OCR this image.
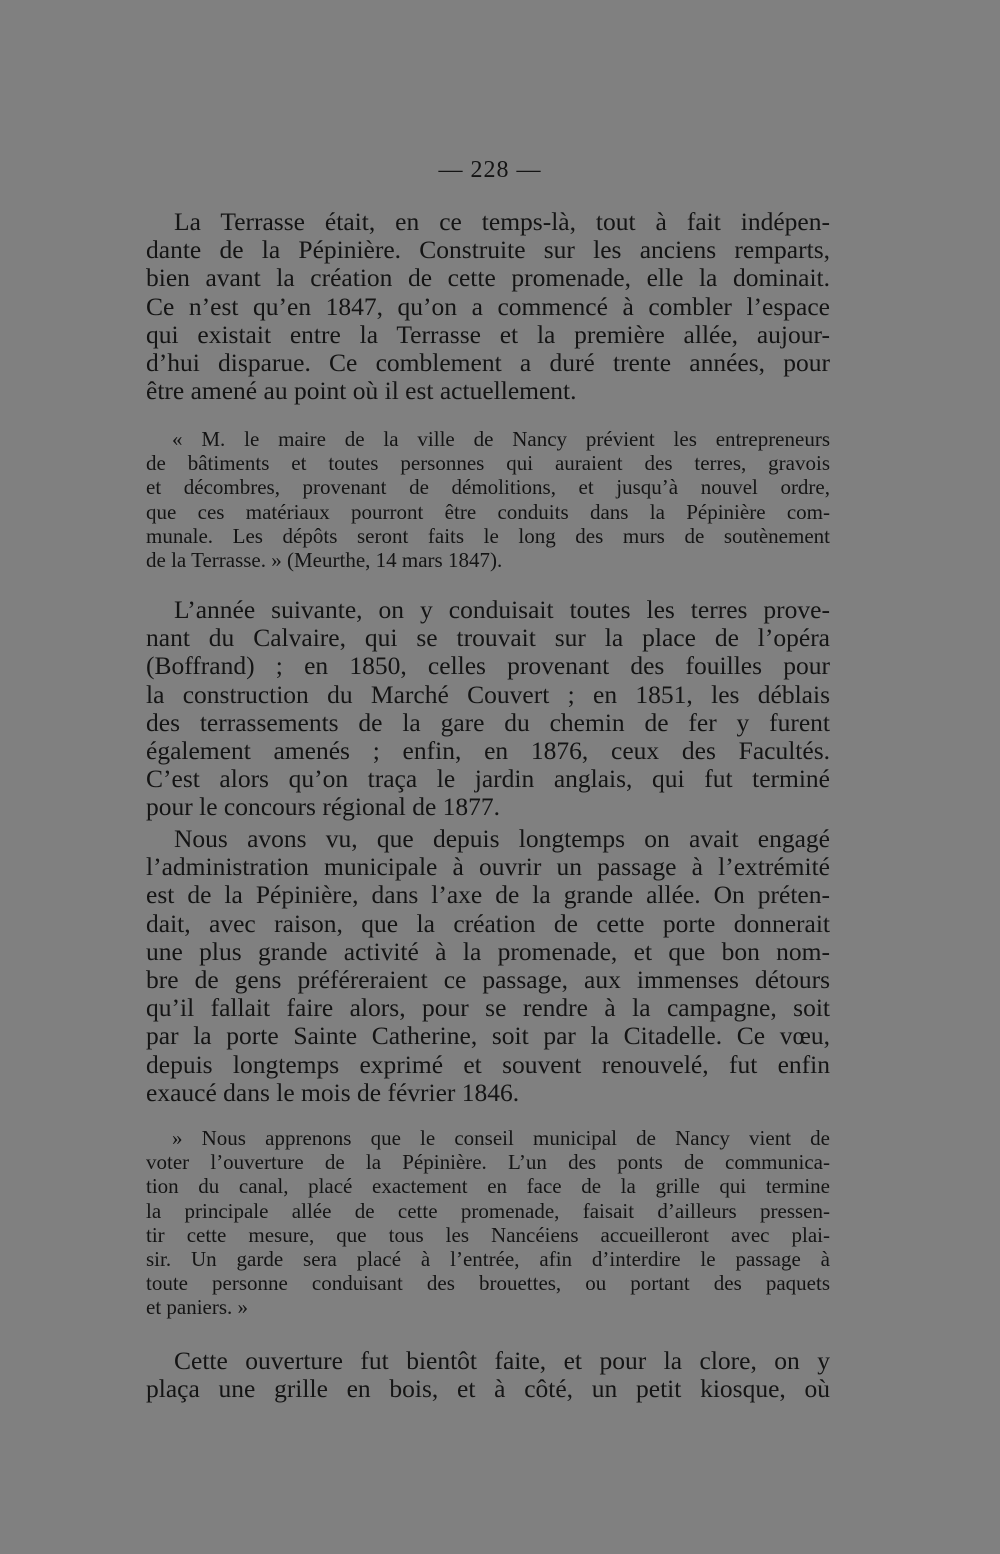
— 228 —
La Terrasse était, en ce temps-là, tout à fait indépen-
dante de la Pépinière. Construite sur les anciens remparts,
bien avant la création de cette promenade, elle la dominait.
Ce n’est qu’en 1847, qu’on a commencé à combler l’espace
qui existait entre la Terrasse et la première allée, aujour-
d’hui disparue. Ce comblement a duré trente années, pour
être amené au point où il est actuellement.
« M. le maire de la ville de Nancy prévient les entrepreneurs
de bâtiments et toutes personnes qui auraient des terres, gravois
et décombres, provenant de démolitions, et jusqu’à nouvel ordre,
que ces matériaux pourront être conduits dans la Pépinière com-
munale. Les dépôts seront faits le long des murs de soutènement
de la Terrasse. » (Meurthe, 14 mars 1847).
L’année suivante, on y conduisait toutes les terres prove-
nant du Calvaire, qui se trouvait sur la place de l’opéra
(Boffrand) ; en 1850, celles provenant des fouilles pour
la construction du Marché Couvert ; en 1851, les déblais
des terrassements de la gare du chemin de fer y furent
également amenés ; enfin, en 1876, ceux des Facultés.
C’est alors qu’on traça le jardin anglais, qui fut terminé
pour le concours régional de 1877.
Nous avons vu, que depuis longtemps on avait engagé
l’administration municipale à ouvrir un passage à l’extrémité
est de la Pépinière, dans l’axe de la grande allée. On préten-
dait, avec raison, que la création de cette porte donnerait
une plus grande activité à la promenade, et que bon nom-
bre de gens préféreraient ce passage, aux immenses détours
qu’il fallait faire alors, pour se rendre à la campagne, soit
par la porte Sainte Catherine, soit par la Citadelle. Ce vœu,
depuis longtemps exprimé et souvent renouvelé, fut enfin
exaucé dans le mois de février 1846.
» Nous apprenons que le conseil municipal de Nancy vient de
voter l’ouverture de la Pépinière. L’un des ponts de communica-
tion du canal, placé exactement en face de la grille qui termine
la principale allée de cette promenade, faisait d’ailleurs pressen-
tir cette mesure, que tous les Nancéiens accueilleront avec plai-
sir. Un garde sera placé à l’entrée, afin d’interdire le passage à
toute personne conduisant des brouettes, ou portant des paquets
et paniers. »
Cette ouverture fut bientôt faite, et pour la clore, on y
plaça une grille en bois, et à côté, un petit kiosque, où
